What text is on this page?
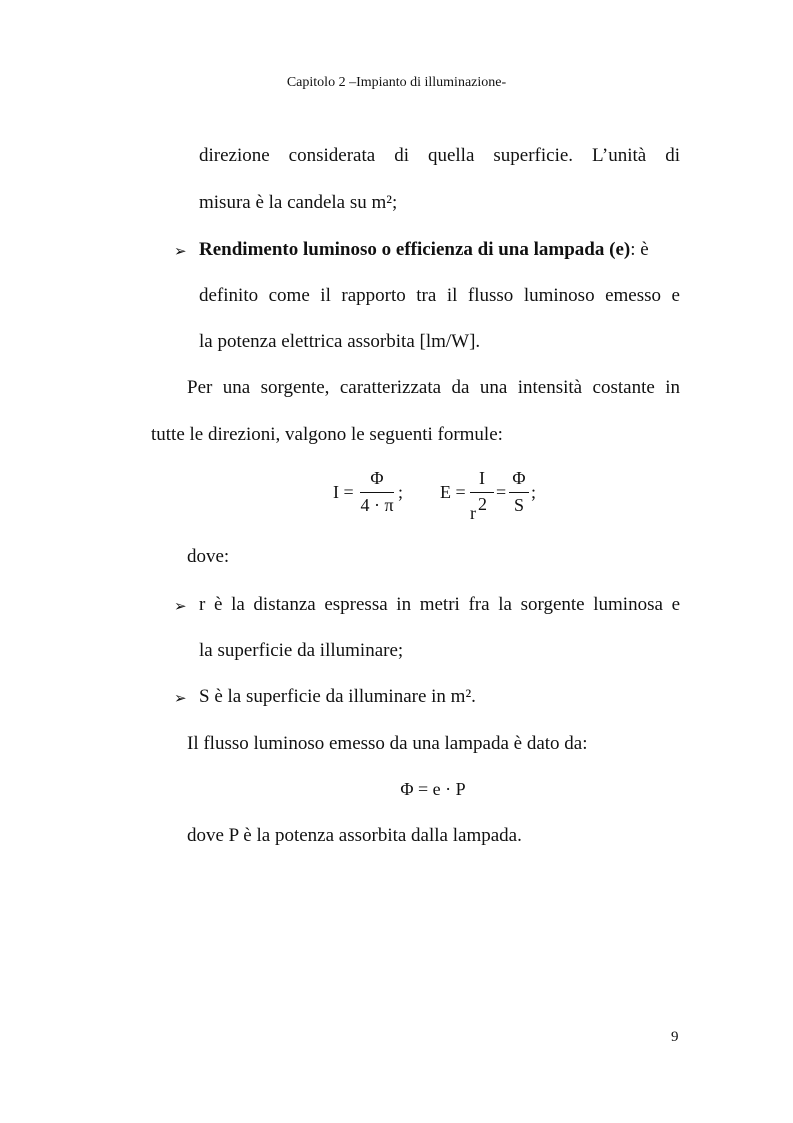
Capitolo 2 –Impianto di illuminazione-
direzione considerata di quella superficie. L’unità di
misura è la candela su m²;
➢ Rendimento luminoso o efficienza di una lampada (e): è
definito come il rapporto tra il flusso luminoso emesso e
la potenza elettrica assorbita [lm/W].
Per una sorgente, caratterizzata da una intensità costante in
tutte le direzioni, valgono le seguenti formule:
I =
Φ
4 · π
; E =
I
r 2
=
Φ
S
;
dove:
➢ r è la distanza espressa in metri fra la sorgente luminosa e
la superficie da illuminare;
➢ S è la superficie da illuminare in m².
Il flusso luminoso emesso da una lampada è dato da:
Φ = e · P
dove P è la potenza assorbita dalla lampada.
9
